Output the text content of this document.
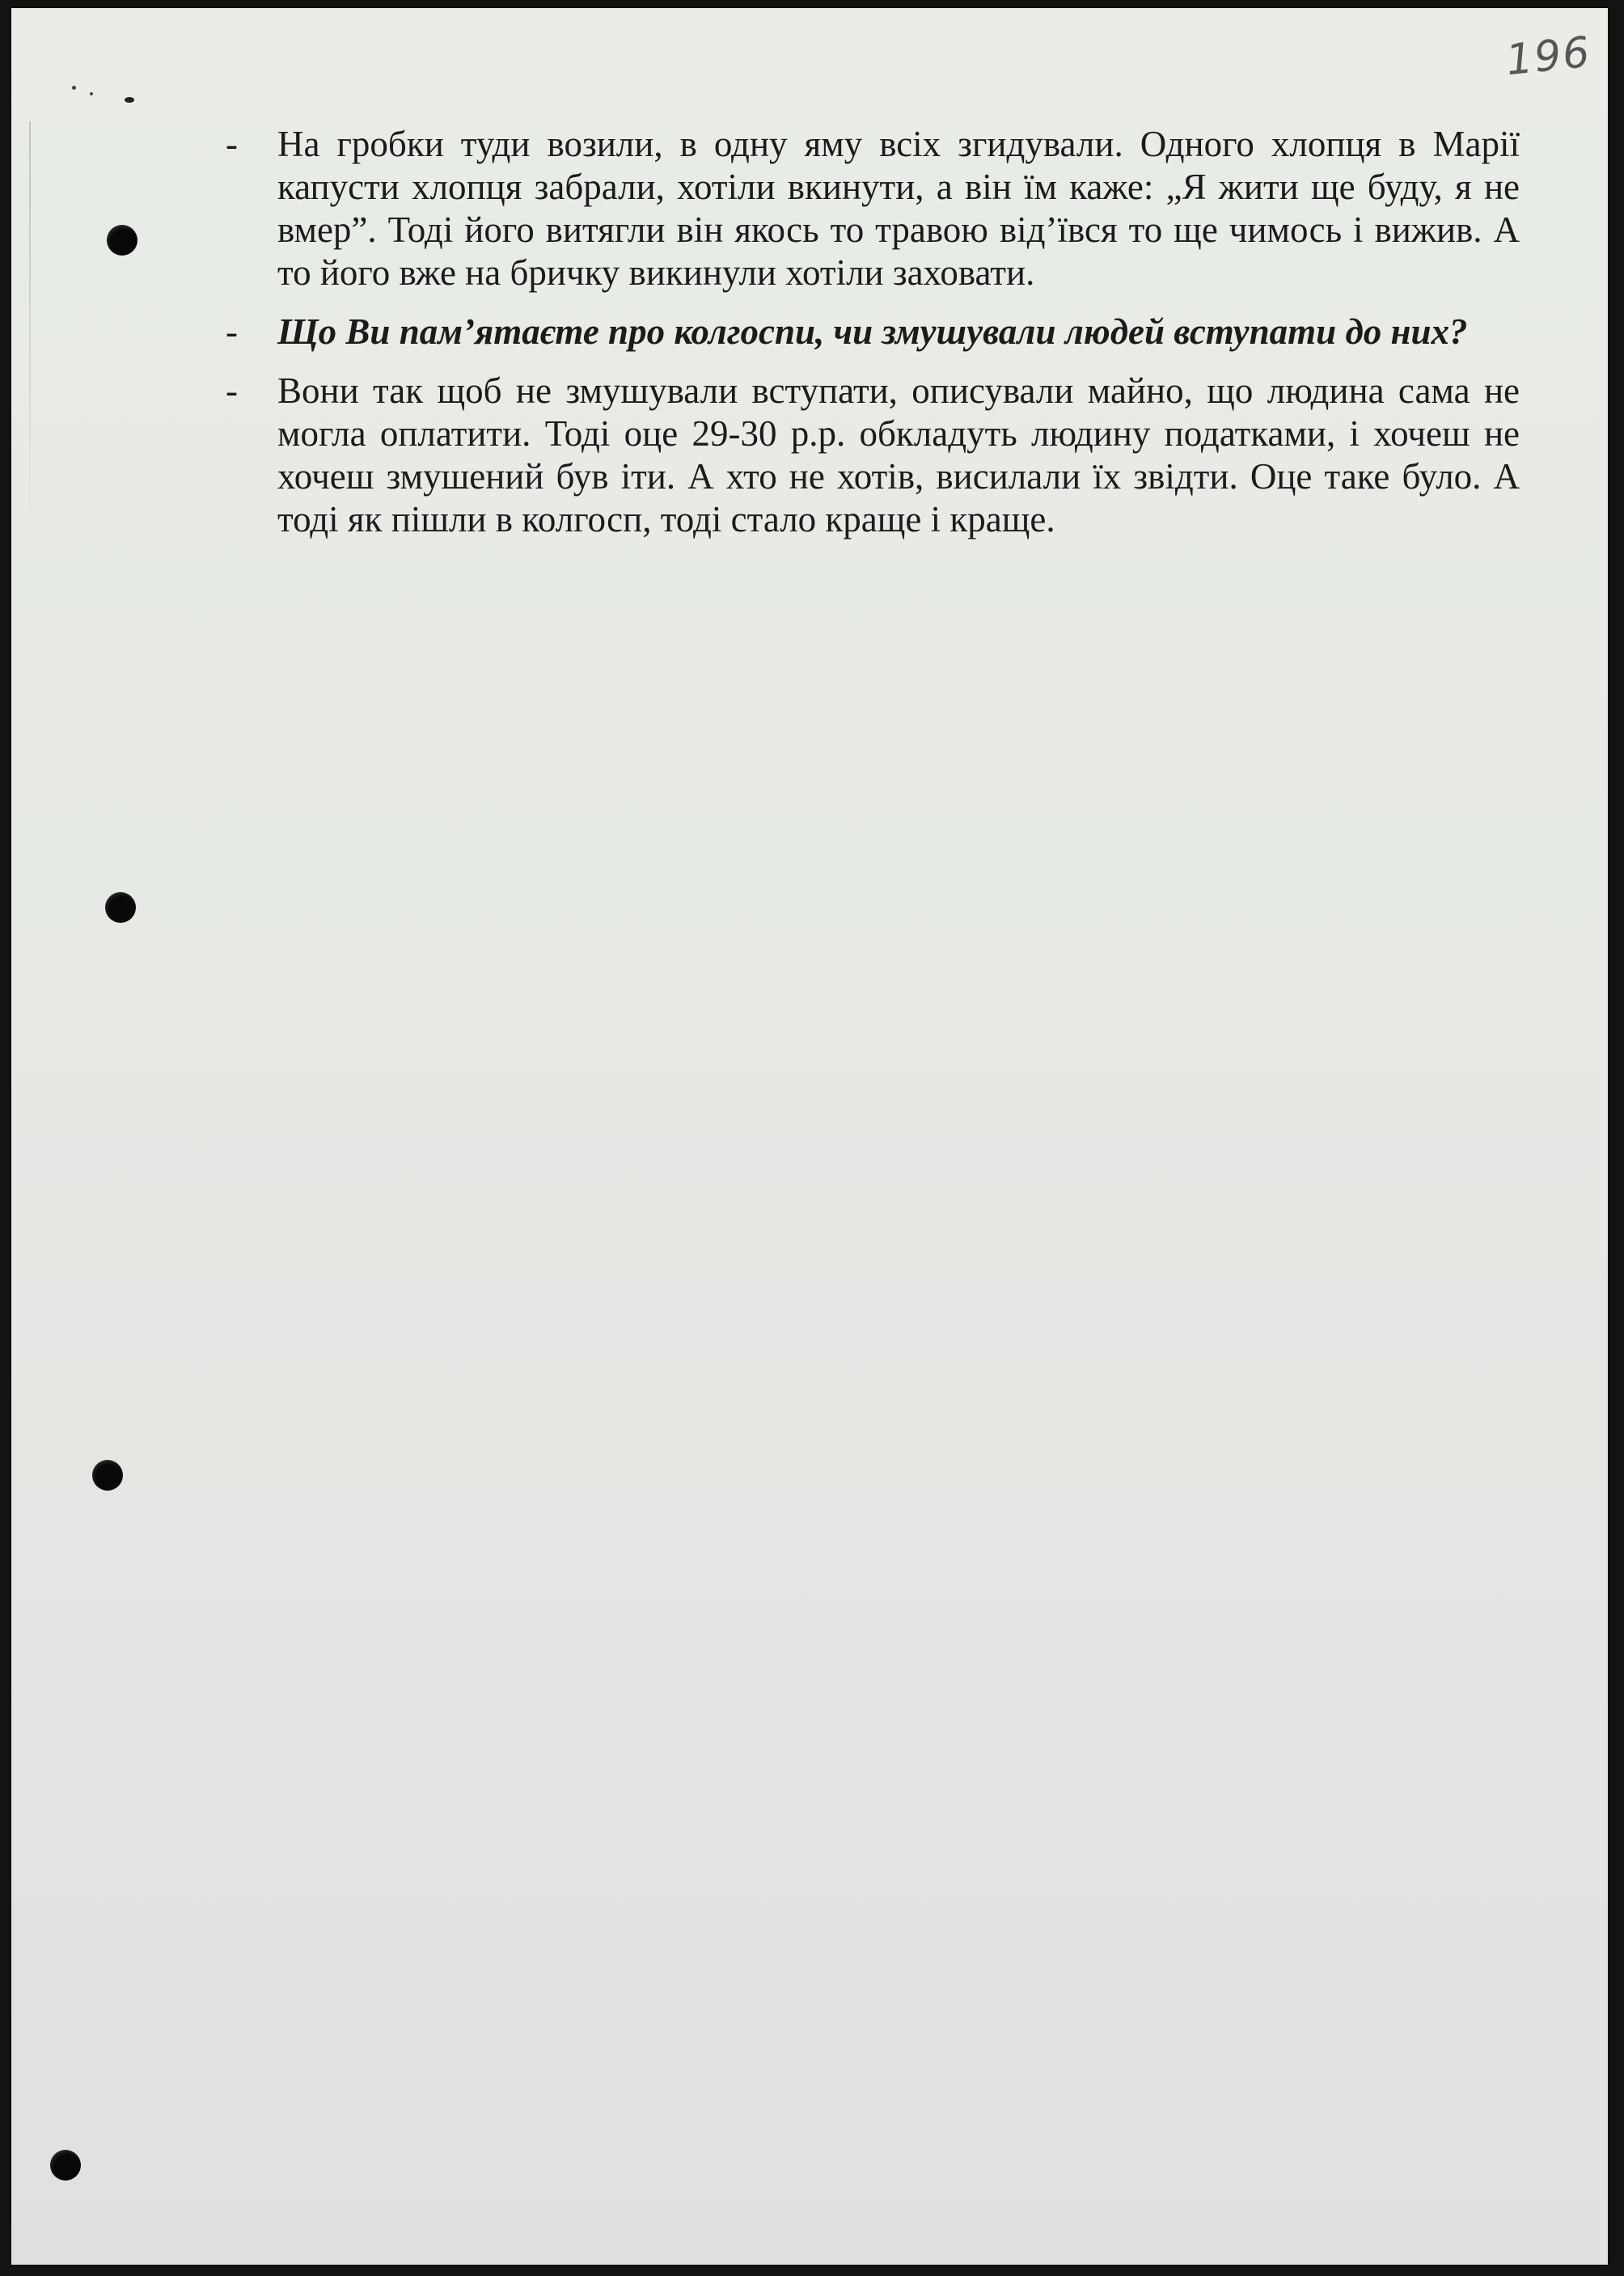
196

- На гробки туди возили, в одну яму всіх згидували. Одного хлопця в Марії капусти хлопця забрали, хотіли вкинути, а він їм каже: „Я жити ще буду, я не вмер”. Тоді його витягли він якось то травою від’ївся то ще чимось і вижив. А то його вже на бричку викинули хотіли заховати.

- Що Ви пам’ятаєте про колгоспи, чи змушували людей вступати до них?

- Вони так щоб не змушували вступати, описували майно, що людина сама не могла оплатити. Тоді оце 29-30 р.р. обкладуть людину податками, і хочеш не хочеш змушений був іти. А хто не хотів, висилали їх звідти. Оце таке було. А тоді як пішли в колгосп, тоді стало краще і краще.
